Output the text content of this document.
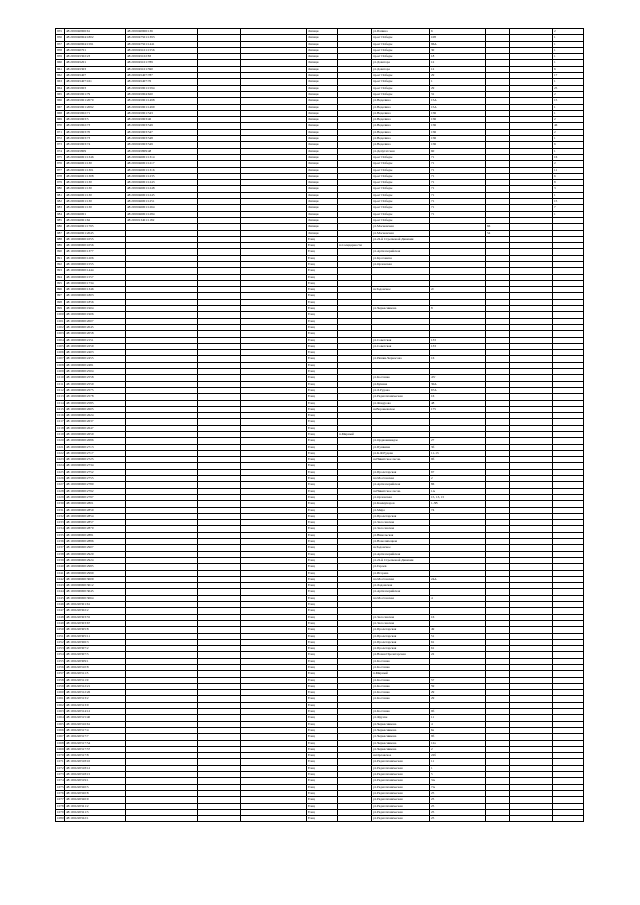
955	48:20:0040906:61	48:20:0040906:136			Липецк		ул.Папина	6			2
956	48:20:0040904:1802	48:20:0047501:1393			Липецк		пр-кт Победы	108			1
957	48:20:0040904:1591	48:20:0047501:1441			Липецк		пр-кт Победы	96А			1
958	48:20:0040701	48:20:0045101:1556			Липецк		пр-кт Победы	30			1
959	48:20:0045302:23	48:20:0045102:83			Липецк		пр-кт Победы	18			1
960	48:20:0045201	48:20:0045101:789			Липецк		ул.Доватора	12			1
961	48:20:0045303	48:20:0045101:590			Липецк		ул.Доватора	12			6
962	48:20:0045407	48:20:0045407:787			Липецк		пр-кт Победы	29			17
963	48:20:0045407:161	48:20:0045407:76			Липецк		пр-кт Победы	1			1
964	48:20:0045903	48:20:0045901:1594			Липецк		пр-кт Победы	29			25
965	48:20:0045901:79	48:20:0045904:620			Липецк		пр-кт Победы	31			2
966	48:20:0045901:2070	48:20:0045901:1498			Липецк		ул.Неделина	15А			15
967	48:20:0045901:2092	48:20:0045901:1499			Липецк		ул.Неделина	15А			1
968	48:20:0045902:71	48:20:0045901:543			Липецк		ул.Неделина	15Б			1
969	48:20:0045903:5	48:20:0045903:46			Липецк		ул.Неделина	15Б			2
970	48:20:0045902:73	48:20:0045903:549			Липецк		ул.Неделина	15Б			46
971	48:20:0045903:70	48:20:0045903:547			Липецк		ул.Неделина	15Б			2
972	48:20:0045903:73	48:20:0045903:548			Липецк		ул.Неделина	15Б			1
973	48:20:0045903:74	48:20:0045903:549			Липецк		ул.Неделина	15Б			6
974	48:20:0045809	48:20:0045809:48			Липецк		ул.Депутатская	60			1
975	48:20:0046001:1346	48:20:0046001:1314			Липецк		пр-кт Победы	71			16
976	48:20:0046001:130	48:20:0046001:1217			Липецк		пр-кт Победы	71			2
977	48:20:0046001:1301	48:20:0046001:1316			Липецк		пр-кт Победы	71			11
978	48:20:0046001:1308	48:20:0046001:1235			Липецк		пр-кт Победы	71			6
979	48:20:0046001:130	48:20:0046001:1243			Липецк		пр-кт Победы	71			8
980	48:20:0046001:130	48:20:0046001:1248			Липецк		пр-кт Победы	71			3
981	48:20:0046001:130	48:20:0046001:1245			Липецк		пр-кт Победы	71			1
982	48:20:0046001:130	48:20:0046001:1251			Липецк		пр-кт Победы	71			15
983	48:20:0046001:130	48:20:0046001:1264			Липецк		пр-кт Победы	71			7
984	48:20:0046001	48:20:0046001:1284			Липецк		пр-кт Победы	71			1
985	48:20:0046901:62	48:20:0013401:1182			Липецк		пр-кт Победы				
986	48:20:0046901:1795				Липецк		ул.Московская		66		
987	48:20:0046901:2045				Липецк		ул.Московская		54		
988	48:19:0000000:1055				Елец		ул.22-й Стрелковой Дивизии				
989	48:19:0000000:1056				Елец	п.Солидарности					
990	48:19:0000000:1377				Елец		ул.Артиллерийская				
991	48:19:0000000:1206				Елец		ул.Кротовича				
992	48:19:0000000:1555				Елец		ул.Орловская				
993	48:19:0000000:1444				Елец						
994	48:19:0000000:1557				Елец						
995	48:19:0000000:1734				Елец						
996	48:19:0000000:1346				Елец		ш.Задонское	2г			
997	48:19:0000000:1803				Елец						
998	48:19:0000000:1856				Елец						
999	48:19:0000000:1904				Елец		ул.Черкасникова	8			
1000	48:19:0000000:1906				Елец						
1001	48:19:0000000:2007				Елец						
1002	48:19:0000000:2045				Елец						
1003	48:19:0000000:2058				Елец						
1004	48:19:0000000:2151				Елец		ул.Советская	133			
1005	48:19:0000000:2259				Елец		ул.Советская	133			
1006	48:19:0000000:2403				Елец						
1007	48:19:0000000:2455				Елец		ул.Ряшки-Черкасова	16			
1008	48:19:0000000:2481				Елец						
1009	48:19:0000000:2504				Елец						
1010	48:19:0000000:2558				Елец		ул.Костенко	47г			
1011	48:19:0000000:2559				Елец		ул.Бунина	30А			
1012	48:19:0000000:2575				Елец		ул.Л.Рудова	67А			
1013	48:19:0000000:2578				Елец		ул.Радиотехническая	16			
1014	48:19:0000000:2585				Елец		ул.Фокурова	48			
1015	48:19:0000000:2605				Елец		ш.Воронежское	175			
1016	48:19:0000000:2624				Елец						
1017	48:19:0000000:2637				Елец						
1018	48:19:0000000:2647				Елец						
1019	48:19:0000000:2659				Елец	п.Мирный					
1020	48:19:0000000:2686				Елец		ул.Орджоникидзе	27			
1021	48:19:0000000:2713				Елец		ул.Пушкина	3б			
1022	48:19:0000000:2717				Елец		ул.К.Ф.Рудова	11-13			
1023	48:19:0000000:2725				Елец		ш.Никитское лесов.	9б			
1024	48:19:0000000:2734				Елец						
1025	48:19:0000000:2752				Елец		ул.Пролетарская	67			
1026	48:19:0000000:2755				Елец		пл.Мостовская	2			
1027	48:19:0000000:2780				Елец		ул.Артиллерийская	86			
1028	48:19:0000000:2792				Елец		ш.Никитское лесов.	1А			
1029	48:19:0000000:2797				Елец		ул.Орловская	15, 13, 15			
1030	48:19:0000000:2801				Елец		ул.Коммунаров	1-3В			
1031	48:19:0000000:2859				Елец		ул.Мира	74			
1032	48:19:0000000:2854				Елец		ул.Пролетарская				
1033	48:19:0000000:2857				Елец		ул.Засосенская				
1034	48:19:0000000:2870				Елец		ул.Засосенская				
1035	48:19:0000000:2881				Елец		ул.Никольская				
1036	48:19:0000000:2886				Елец		ул.Новолипецкая				
1037	48:19:0000000:2907				Елец		ш.Задонское				
1038	48:19:0000000:2920				Елец		ул.Артиллерийская				
1039	48:19:0000000:2924				Елец		ул.22-й Стрелковой Дивизии				
1040	48:19:0000000:2985				Елец		ул.Героев				
1041	48:19:0000000:2999				Елец		ул.Игорева				
1042	48:19:0000000:3009				Елец		пл.Мостовская	24А			
1043	48:19:0000000:3012				Елец		ул.Ладожская				
1044	48:19:0000000:3045				Елец		ул.Артиллерийская				
1045	48:19:0000000:3064				Елец		пл.Мостовская	4			
1046	48:19:6220301:61				Елец						
1047	48:19:6220302:2				Елец						
1048	48:19:6220303:55				Елец		ул.Засосенская	16			
1049	48:19:6220303:67				Елец		ул.Засосенская				
1050	48:19:6220305:8				Елец		ул.Пролетарская	49			
1051	48:19:6220305:11				Елец		ул.Пролетарская	51			
1052	48:19:6220306:3				Елец		ул.Пролетарская	61			
1053	48:19:6220307:2				Елец		ул.Пролетарская	61			
1054	48:19:6220307:5				Елец		ул.Новая Пролетарская	22			
1055	48:19:6220309:1				Елец		ул.Костенко				
1056	48:19:6220310:8				Елец		ул.Костенко				
1057	48:19:6220311:5				Елец		п.Мирный				
1058	48:19:6220311:9				Елец		ул.Костенко	57			
1059	48:19:6220312:21				Елец		ул.Костенко	59			
1060	48:19:6220312:26				Елец		ул.Костенко	29			
1061	48:19:6220313:2				Елец		ул.Костенко	29			
1062	48:19:6220313:9				Елец						
1063	48:19:6220314:12				Елец		ул.Костенко	9б			
1064	48:19:6220315:40				Елец		ул.Фрунзе	11			
1065	48:19:6220316:61				Елец		ул.Черкасникова	4			
1066	48:19:6220317:4				Елец		ул.Черкасникова	6а			
1067	48:19:6220317:7				Елец		ул.Черкасникова	9б			
1068	48:19:6220317:54				Елец		ул.Черкасникова	12а			
1069	48:19:6220317:57				Елец		ул.Черкасникова	2			
1070	48:19:6220317:8				Елец		ш.Орловское	22б			
1071	48:19:6220318:10				Елец		ул.Радиотехническая	11			
1072	48:19:6220318:12				Елец		ул.Радиотехническая	1			
1073	48:19:6220318:15				Елец		ул.Радиотехническая	5			
1074	48:19:6220319:1				Елец		ул.Радиотехническая	3А			
1075	48:19:6220320:5				Елец		ул.Радиотехническая	7А			
1076	48:19:6220320:8				Елец		ул.Радиотехническая	25			
1077	48:19:6220320:9				Елец		ул.Радиотехническая	25			
1078	48:19:6220321:2				Елец		ул.Радиотехническая	25			
1079	48:19:6220321:5				Елец		ул.Радиотехническая	25			
1080	48:19:6220322:1				Елец		ул.Радиотехническая	25			
